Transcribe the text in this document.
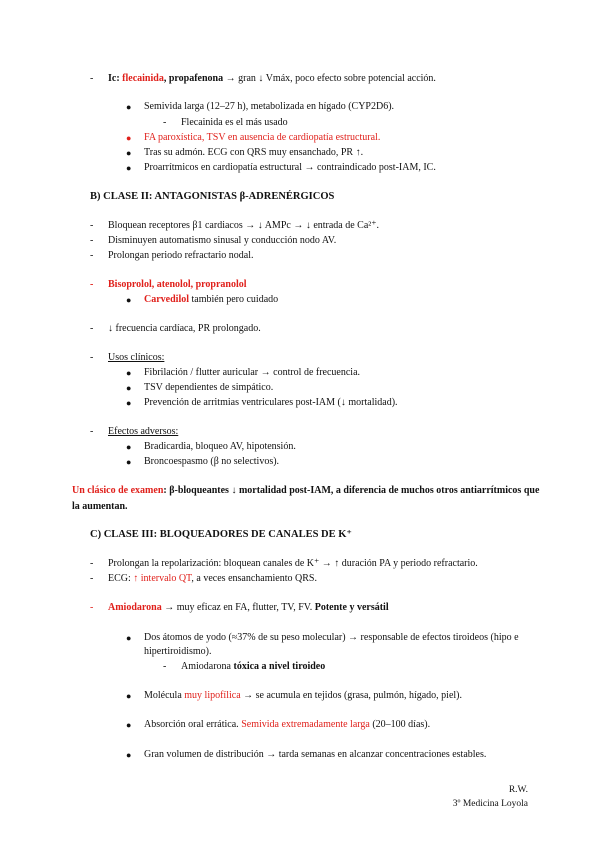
- Ic: flecainida, propafenona → gran ↓ Vmáx, poco efecto sobre potencial acción.
● Semivida larga (12–27 h), metabolizada en hígado (CYP2D6).
- Flecainida es el más usado
● FA paroxística, TSV en ausencia de cardiopatía estructural.
● Tras su admón. ECG con QRS muy ensanchado, PR ↑.
● Proarrítmicos en cardiopatía estructural → contraindicado post-IAM, IC.
B) CLASE II: ANTAGONISTAS β-ADRENÉRGICOS
- Bloquean receptores β1 cardiacos → ↓ AMPc → ↓ entrada de Ca²⁺.
- Disminuyen automatismo sinusal y conducción nodo AV.
- Prolongan periodo refractario nodal.
- Bisoprolol, atenolol, propranolol
● Carvedilol también pero cuidado
- ↓ frecuencia cardíaca, PR prolongado.
- Usos clínicos:
● Fibrilación / flutter auricular → control de frecuencia.
● TSV dependientes de simpático.
● Prevención de arritmias ventriculares post-IAM (↓ mortalidad).
- Efectos adversos:
● Bradicardia, bloqueo AV, hipotensión.
● Broncoespasmo (β no selectivos).
Un clásico de examen: β-bloqueantes ↓ mortalidad post-IAM, a diferencia de muchos otros antiarrítmicos que la aumentan.
C) CLASE III: BLOQUEADORES DE CANALES DE K⁺
- Prolongan la repolarización: bloquean canales de K⁺ → ↑ duración PA y periodo refractario.
- ECG: ↑ intervalo QT, a veces ensanchamiento QRS.
- Amiodarona → muy eficaz en FA, flutter, TV, FV. Potente y versátil
● Dos átomos de yodo (≈37% de su peso molecular) → responsable de efectos tiroideos (hipo e hipertiroidismo).
- Amiodarona tóxica a nivel tiroideo
● Molécula muy lipofílica → se acumula en tejidos (grasa, pulmón, hígado, piel).
● Absorción oral errática. Semivida extremadamente larga (20–100 días).
● Gran volumen de distribución → tarda semanas en alcanzar concentraciones estables.
R.W.
3º Medicina Loyola
